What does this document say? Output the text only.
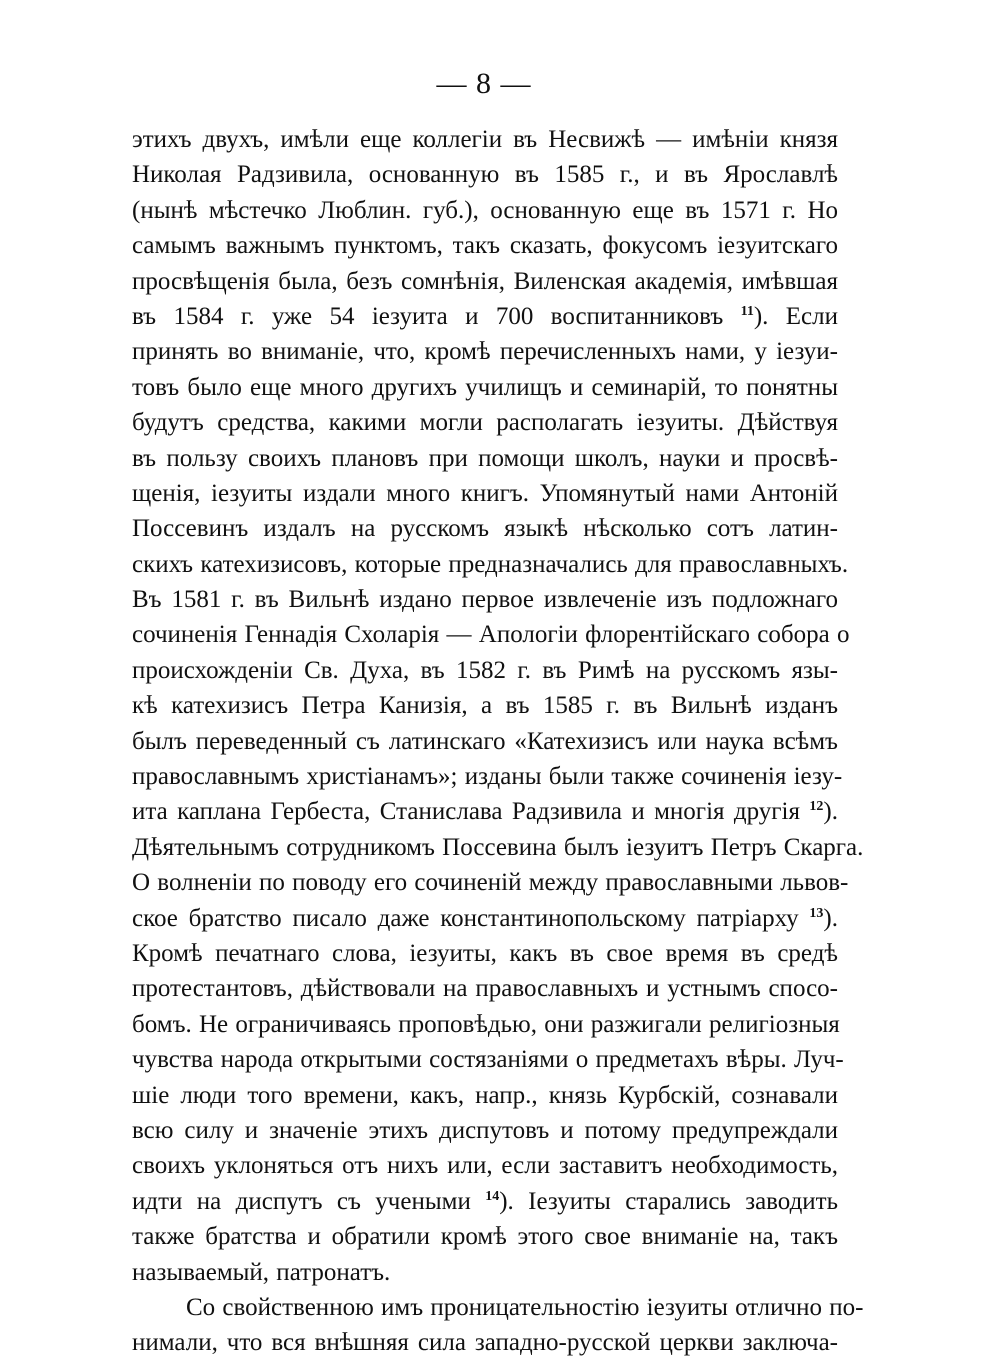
— 8 —
этихъ двухъ, имѣли еще коллегіи въ Несвижѣ — имѣніи князя
Николая Радзивила, основанную въ 1585 г., и въ Ярославлѣ
(нынѣ мѣстечко Люблин. губ.), основанную еще въ 1571 г. Но
самымъ важнымъ пунктомъ, такъ сказать, фокусомъ іезуитскаго
просвѣщенія была, безъ сомнѣнія, Виленская академія, имѣвшая
въ 1584 г. уже 54 іезуита и 700 воспитанниковъ $^{11}$). Если
принять во вниманіе, что, кромѣ перечисленныхъ нами, у іезуи-
товъ было еще много другихъ училищъ и семинарій, то понятны
будутъ средства, какими могли располагать іезуиты. Дѣйствуя
въ пользу своихъ плановъ при помощи школъ, науки и просвѣ-
щенія, іезуиты издали много книгъ. Упомянутый нами Антоній
Поссевинъ издалъ на русскомъ языкѣ нѣсколько сотъ латин-
скихъ катехизисовъ, которые предназначались для православныхъ.
Въ 1581 г. въ Вильнѣ издано первое извлеченіе изъ подложнаго
сочиненія Геннадія Схоларія — Апологіи флорентійскаго собора о
происхожденіи Св. Духа, въ 1582 г. въ Римѣ на русскомъ язы-
кѣ катехизисъ Петра Канизія, а въ 1585 г. въ Вильнѣ изданъ
былъ переведенный съ латинскаго «Катехизисъ или наука всѣмъ
православнымъ христіанамъ»; изданы были также сочиненія іезу-
ита каплана Гербеста, Станислава Радзивила и многія другія $^{12}$).
Дѣятельнымъ сотрудникомъ Поссевина былъ іезуитъ Петръ Скарга.
О волненіи по поводу его сочиненій между православными львов-
ское братство писало даже константинопольскому патріарху $^{13}$).
Кромѣ печатнаго слова, іезуиты, какъ въ свое время въ средѣ
протестантовъ, дѣйствовали на православныхъ и устнымъ спосо-
бомъ. Не ограничиваясь проповѣдью, они разжигали религіозныя
чувства народа открытыми состязаніями о предметахъ вѣры. Луч-
шіе люди того времени, какъ, напр., князь Курбскій, сознавали
всю силу и значеніе этихъ диспутовъ и потому предупреждали
своихъ уклоняться отъ нихъ или, если заставитъ необходимость,
идти на диспутъ съ учеными $^{14}$). Іезуиты старались заводить
также братства и обратили кромѣ этого свое вниманіе на, такъ
называемый, патронатъ.
Со свойственною имъ проницательностію іезуиты отлично по-
нимали, что вся внѣшняя сила западно-русской церкви заключа-
